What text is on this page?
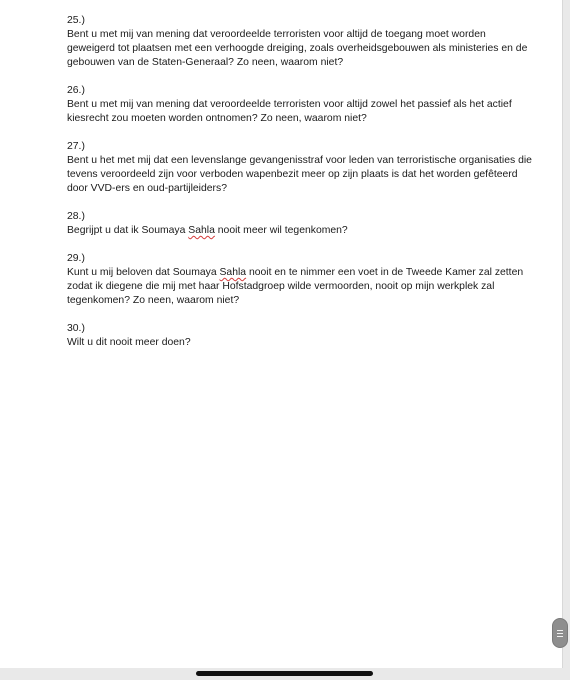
25.)
Bent u met mij van mening dat veroordeelde terroristen voor altijd de toegang moet worden
geweigerd tot plaatsen met een verhoogde dreiging, zoals overheidsgebouwen als ministeries en de
gebouwen van de Staten-Generaal? Zo neen, waarom niet?
26.)
Bent u met mij van mening dat veroordeelde terroristen voor altijd zowel het passief als het actief
kiesrecht zou moeten worden ontnomen? Zo neen, waarom niet?
27.)
Bent u het met mij dat een levenslange gevangenisstraf voor leden van terroristische organisaties die
tevens veroordeeld zijn voor verboden wapenbezit meer op zijn plaats is dat het worden gefêteerd
door VVD-ers en oud-partijleiders?
28.)
Begrijpt u dat ik Soumaya Sahla nooit meer wil tegenkomen?
29.)
Kunt u mij beloven dat Soumaya Sahla nooit en te nimmer een voet in de Tweede Kamer zal zetten
zodat ik diegene die mij met haar Hofstadgroep wilde vermoorden, nooit op mijn werkplek zal
tegenkomen? Zo neen, waarom niet?
30.)
Wilt u dit nooit meer doen?
